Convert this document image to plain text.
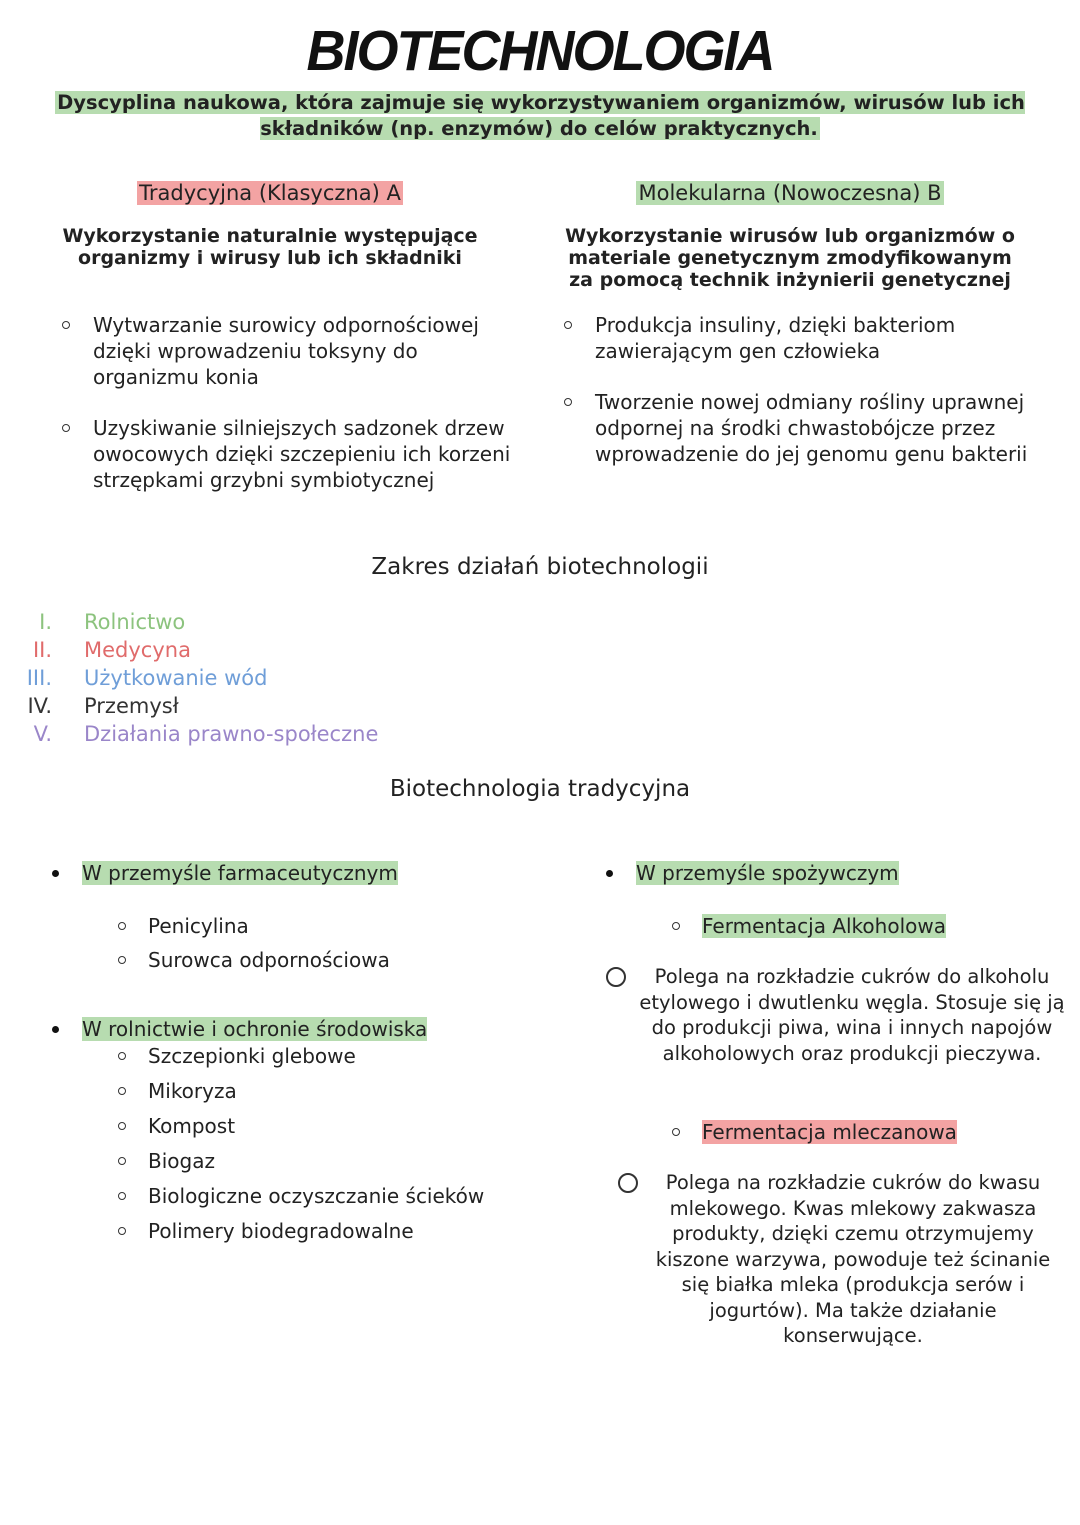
BIOTECHNOLOGIA
Dyscyplina naukowa, która zajmuje się wykorzystywaniem organizmów, wirusów lub ich składników (np. enzymów) do celów praktycznych.
Tradycyjna (Klasyczna) A
Wykorzystanie naturalnie występujące organizmy i wirusy lub ich składniki
Wytwarzanie surowicy odpornościowej dzięki wprowadzeniu toksyny do organizmu konia
Uzyskiwanie silniejszych sadzonek drzew owocowych dzięki szczepieniu ich korzeni strzępkami grzybni symbiotycznej
Molekularna (Nowoczesna) B
Wykorzystanie wirusów lub organizmów o materiale genetycznym zmodyfikowanym za pomocą technik inżynierii genetycznej
Produkcja insuliny, dzięki bakteriom zawierającym gen człowieka
Tworzenie nowej odmiany rośliny uprawnej odpornej na środki chwastobójcze przez wprowadzenie do jej genomu genu bakterii
Zakres działań biotechnologii
I. Rolnictwo
II. Medycyna
III. Użytkowanie wód
IV. Przemysł
V. Działania prawno-społeczne
Biotechnologia tradycyjna
W przemyśle farmaceutycznym
Penicylina
Surowca odpornościowa
W rolnictwie i ochronie środowiska
Szczepionki glebowe
Mikoryza
Kompost
Biogaz
Biologiczne oczyszczanie ścieków
Polimery biodegradowalne
W przemyśle spożywczym
Fermentacja Alkoholowa
Polega na rozkładzie cukrów do alkoholu etylowego i dwutlenku węgla. Stosuje się ją do produkcji piwa, wina i innych napojów alkoholowych oraz produkcji pieczywa.
Fermentacja mleczanowa
Polega na rozkładzie cukrów do kwasu mlekowego. Kwas mlekowy zakwasza produkty, dzięki czemu otrzymujemy kiszone warzywa, powoduje też ścinanie się białka mleka (produkcja serów i jogurtów). Ma także działanie konserwujące.
